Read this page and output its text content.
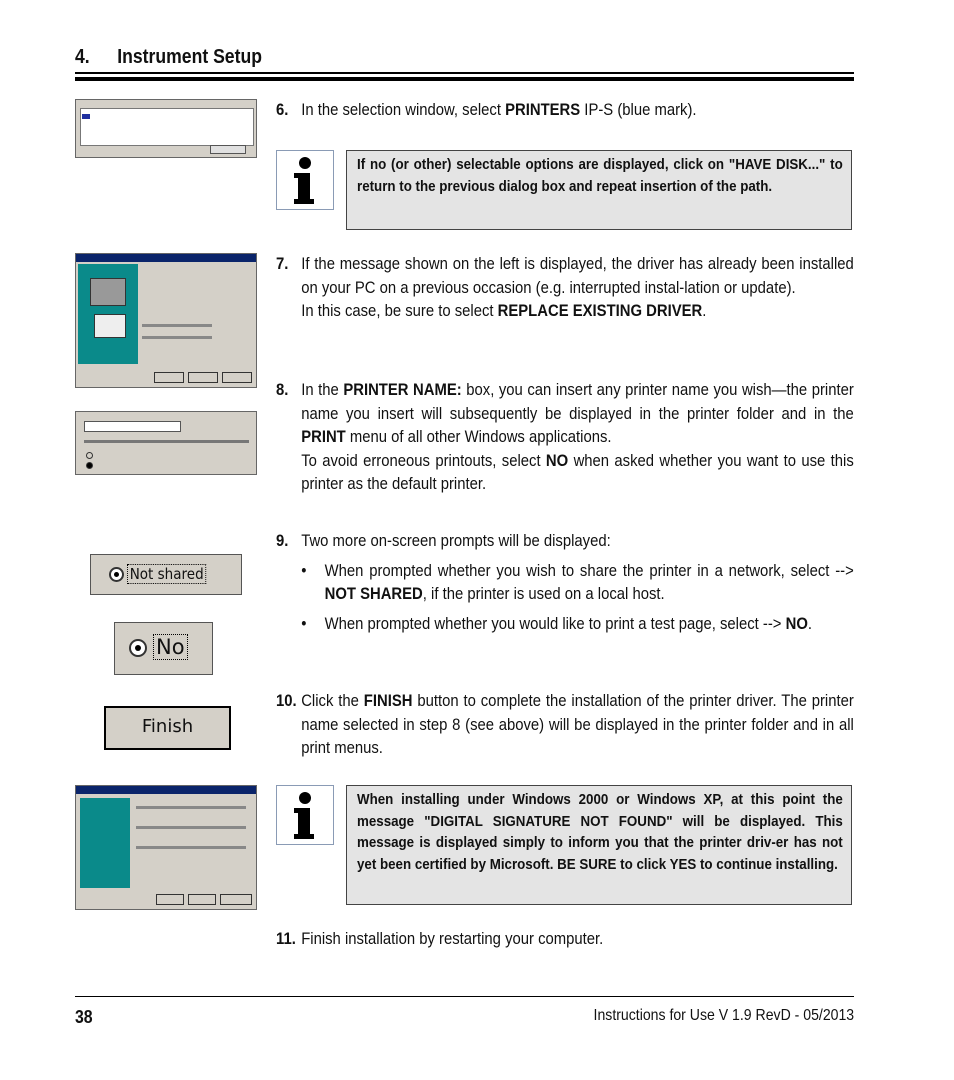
4. Instrument Setup
6. In the selection window, select PRINTERS IP-S (blue mark).
If no (or other) selectable options are displayed, click on "HAVE DISK..." to return to the previous dialog box and repeat insertion of the path.
7. If the message shown on the left is displayed, the driver has already been installed on your PC on a previous occasion (e.g. interrupted instal-lation or update).
In this case, be sure to select REPLACE EXISTING DRIVER.
8. In the PRINTER NAME: box, you can insert any printer name you wish—the printer name you insert will subsequently be displayed in the printer folder and in the PRINT menu of all other Windows applications.
To avoid erroneous printouts, select NO when asked whether you want to use this printer as the default printer.
9. Two more on-screen prompts will be displayed:
• When prompted whether you wish to share the printer in a network, select --> NOT SHARED, if the printer is used on a local host.
• When prompted whether you would like to print a test page, select --> NO.
Not shared
No
Finish
10. Click the FINISH button to complete the installation of the printer driver. The printer name selected in step 8 (see above) will be displayed in the printer folder and in all print menus.
When installing under Windows 2000 or Windows XP, at this point the message "DIGITAL SIGNATURE NOT FOUND" will be displayed. This message is displayed simply to inform you that the printer driv-er has not yet been certified by Microsoft. BE SURE to click YES to continue installing.
11. Finish installation by restarting your computer.
38	Instructions for Use V 1.9 RevD - 05/2013
